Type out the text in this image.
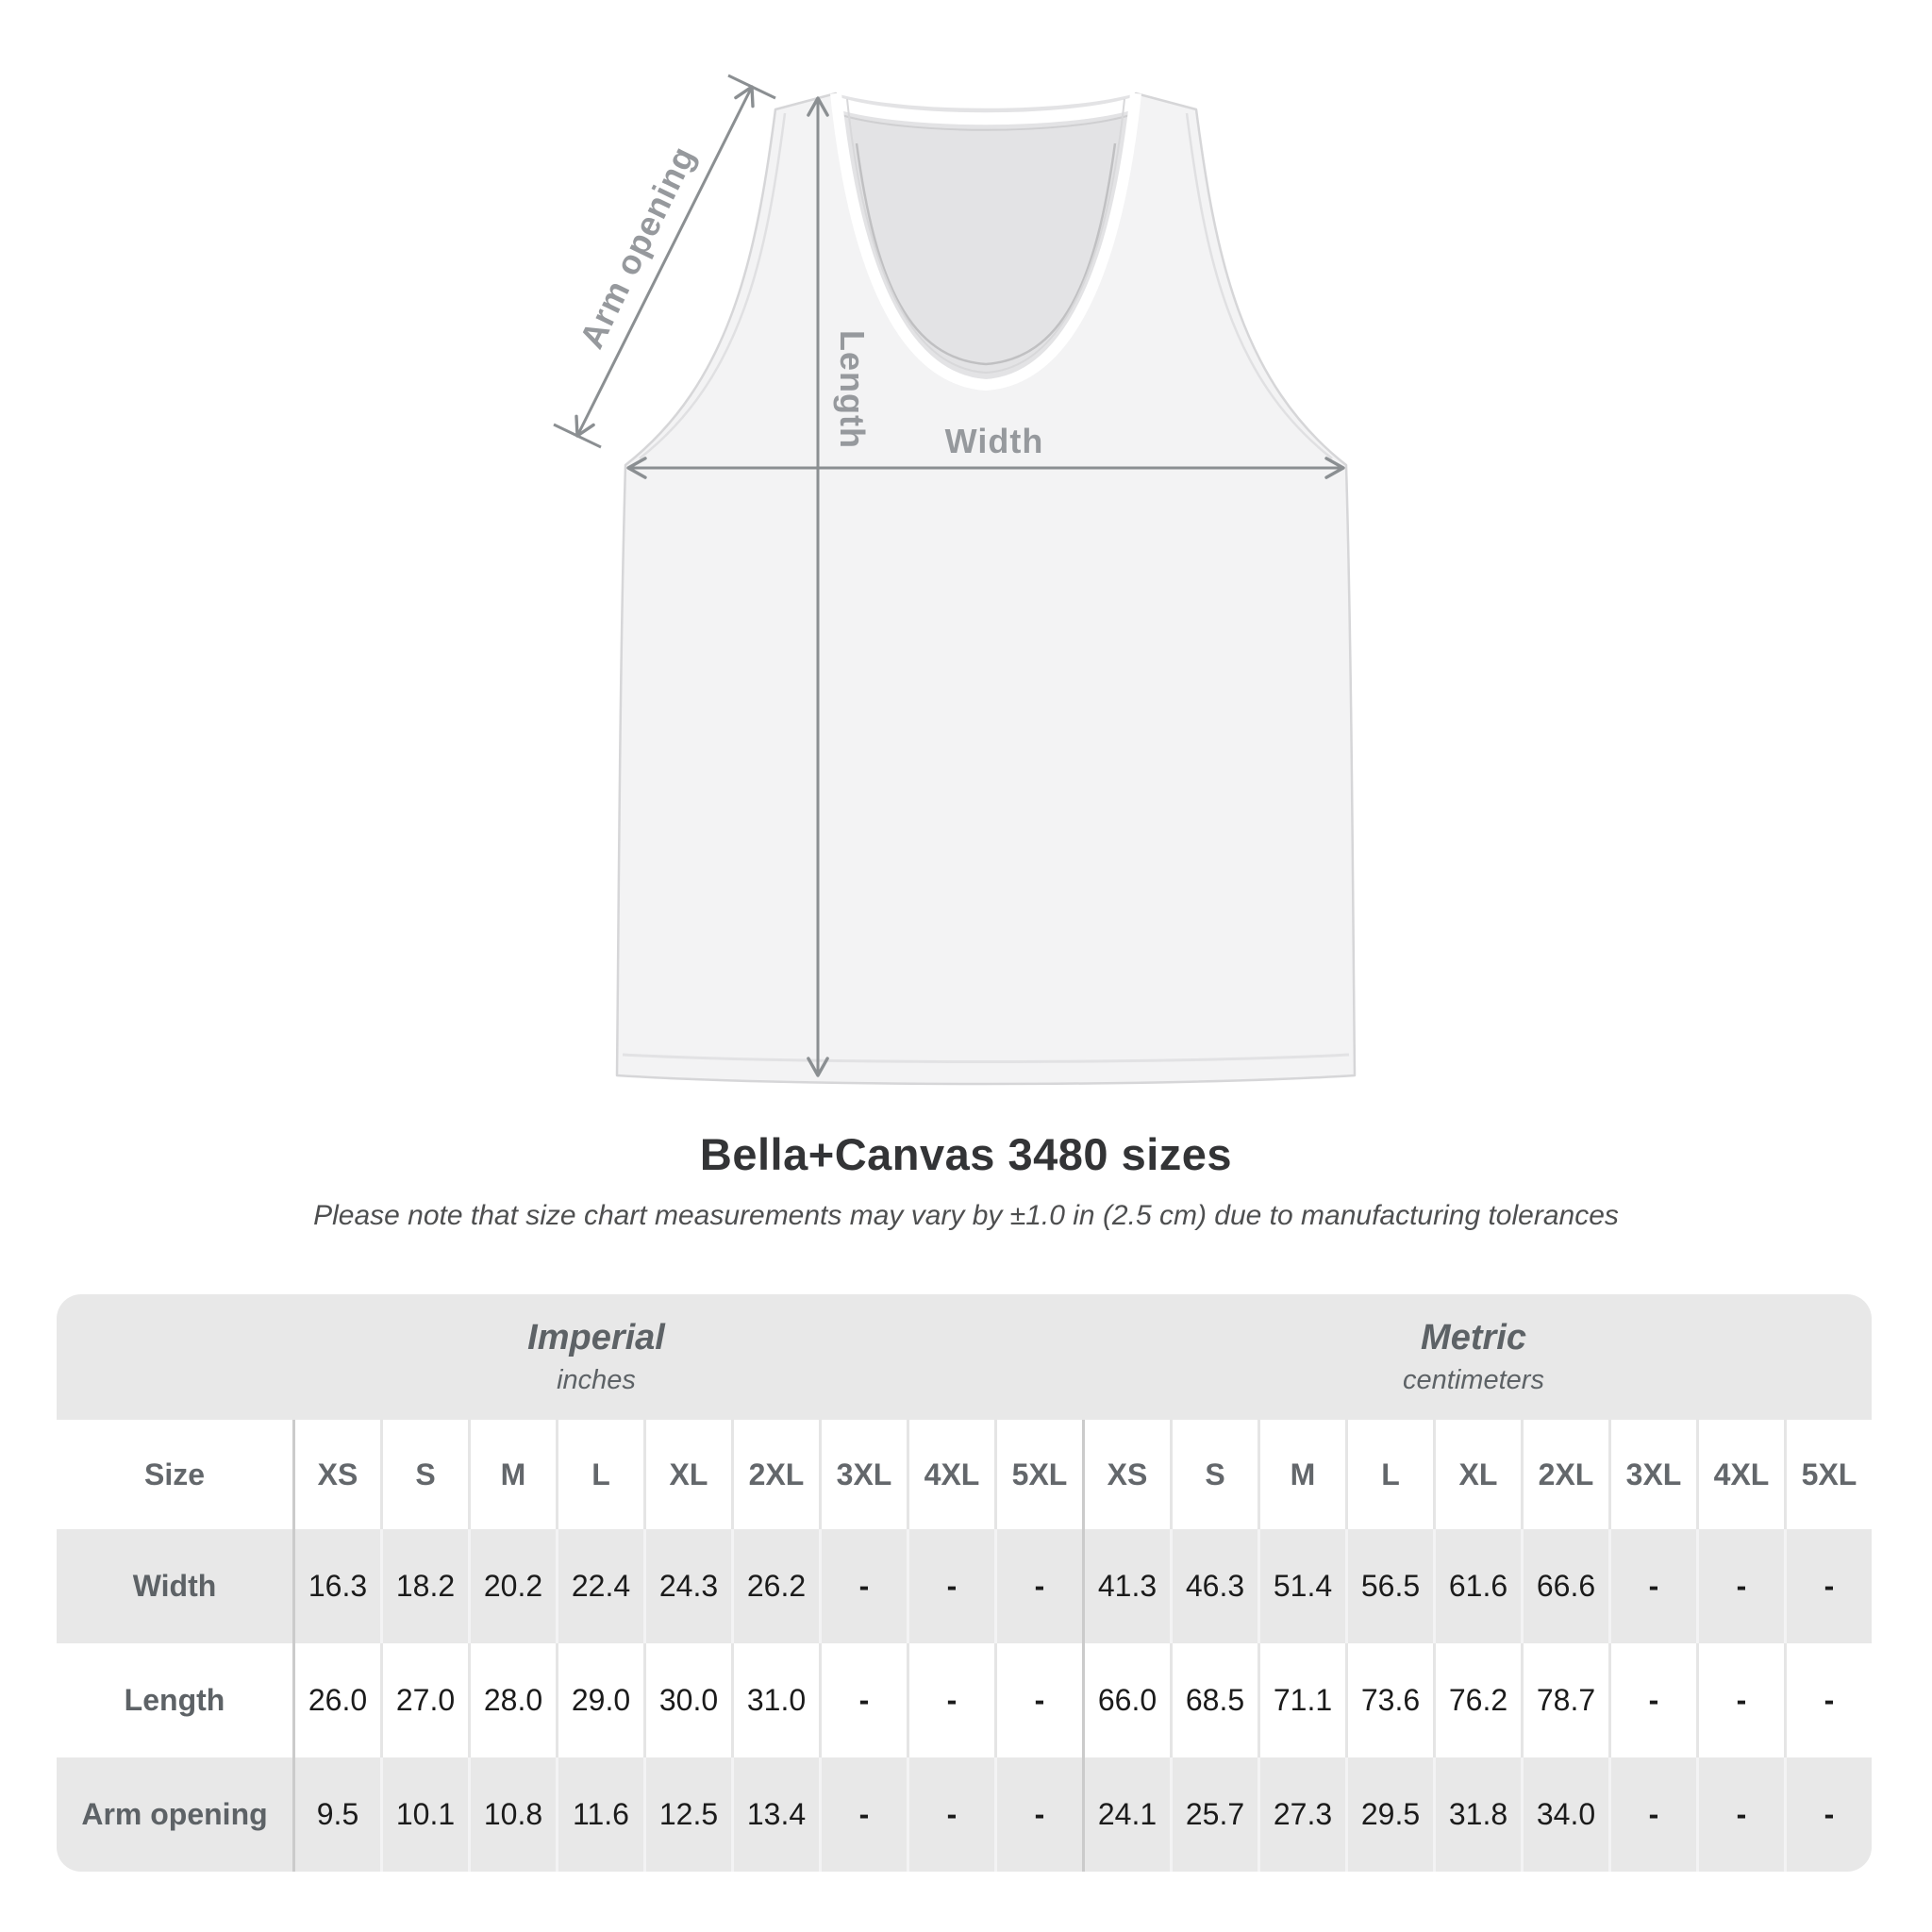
Arm opening
Length Width
Bella+Canvas 3480 sizes

Please note that size chart measurements may vary by ±1.0 in (2.5 cm) due to manufacturing tolerances

Imperial
inches
Metric
centimeters
Size	XS	S	M	L	XL	2XL	3XL	4XL	5XL	XS	S	M	L	XL	2XL	3XL	4XL	5XL
Width	16.3 18.2 20.2 22.4 24.3 26.2	-	-	-	41.3 46.3 51.4 56.5 61.6 66.6	-	-	-
Length	26.0 27.0 28.0 29.0 30.0 31.0	-	-	-	66.0 68.5 71.1 73.6 76.2 78.7	-	-	-
Arm opening	9.5	10.1 10.8 11.6 12.5 13.4	-	-	-	24.1 25.7 27.3 29.5 31.8 34.0	-	-	-
